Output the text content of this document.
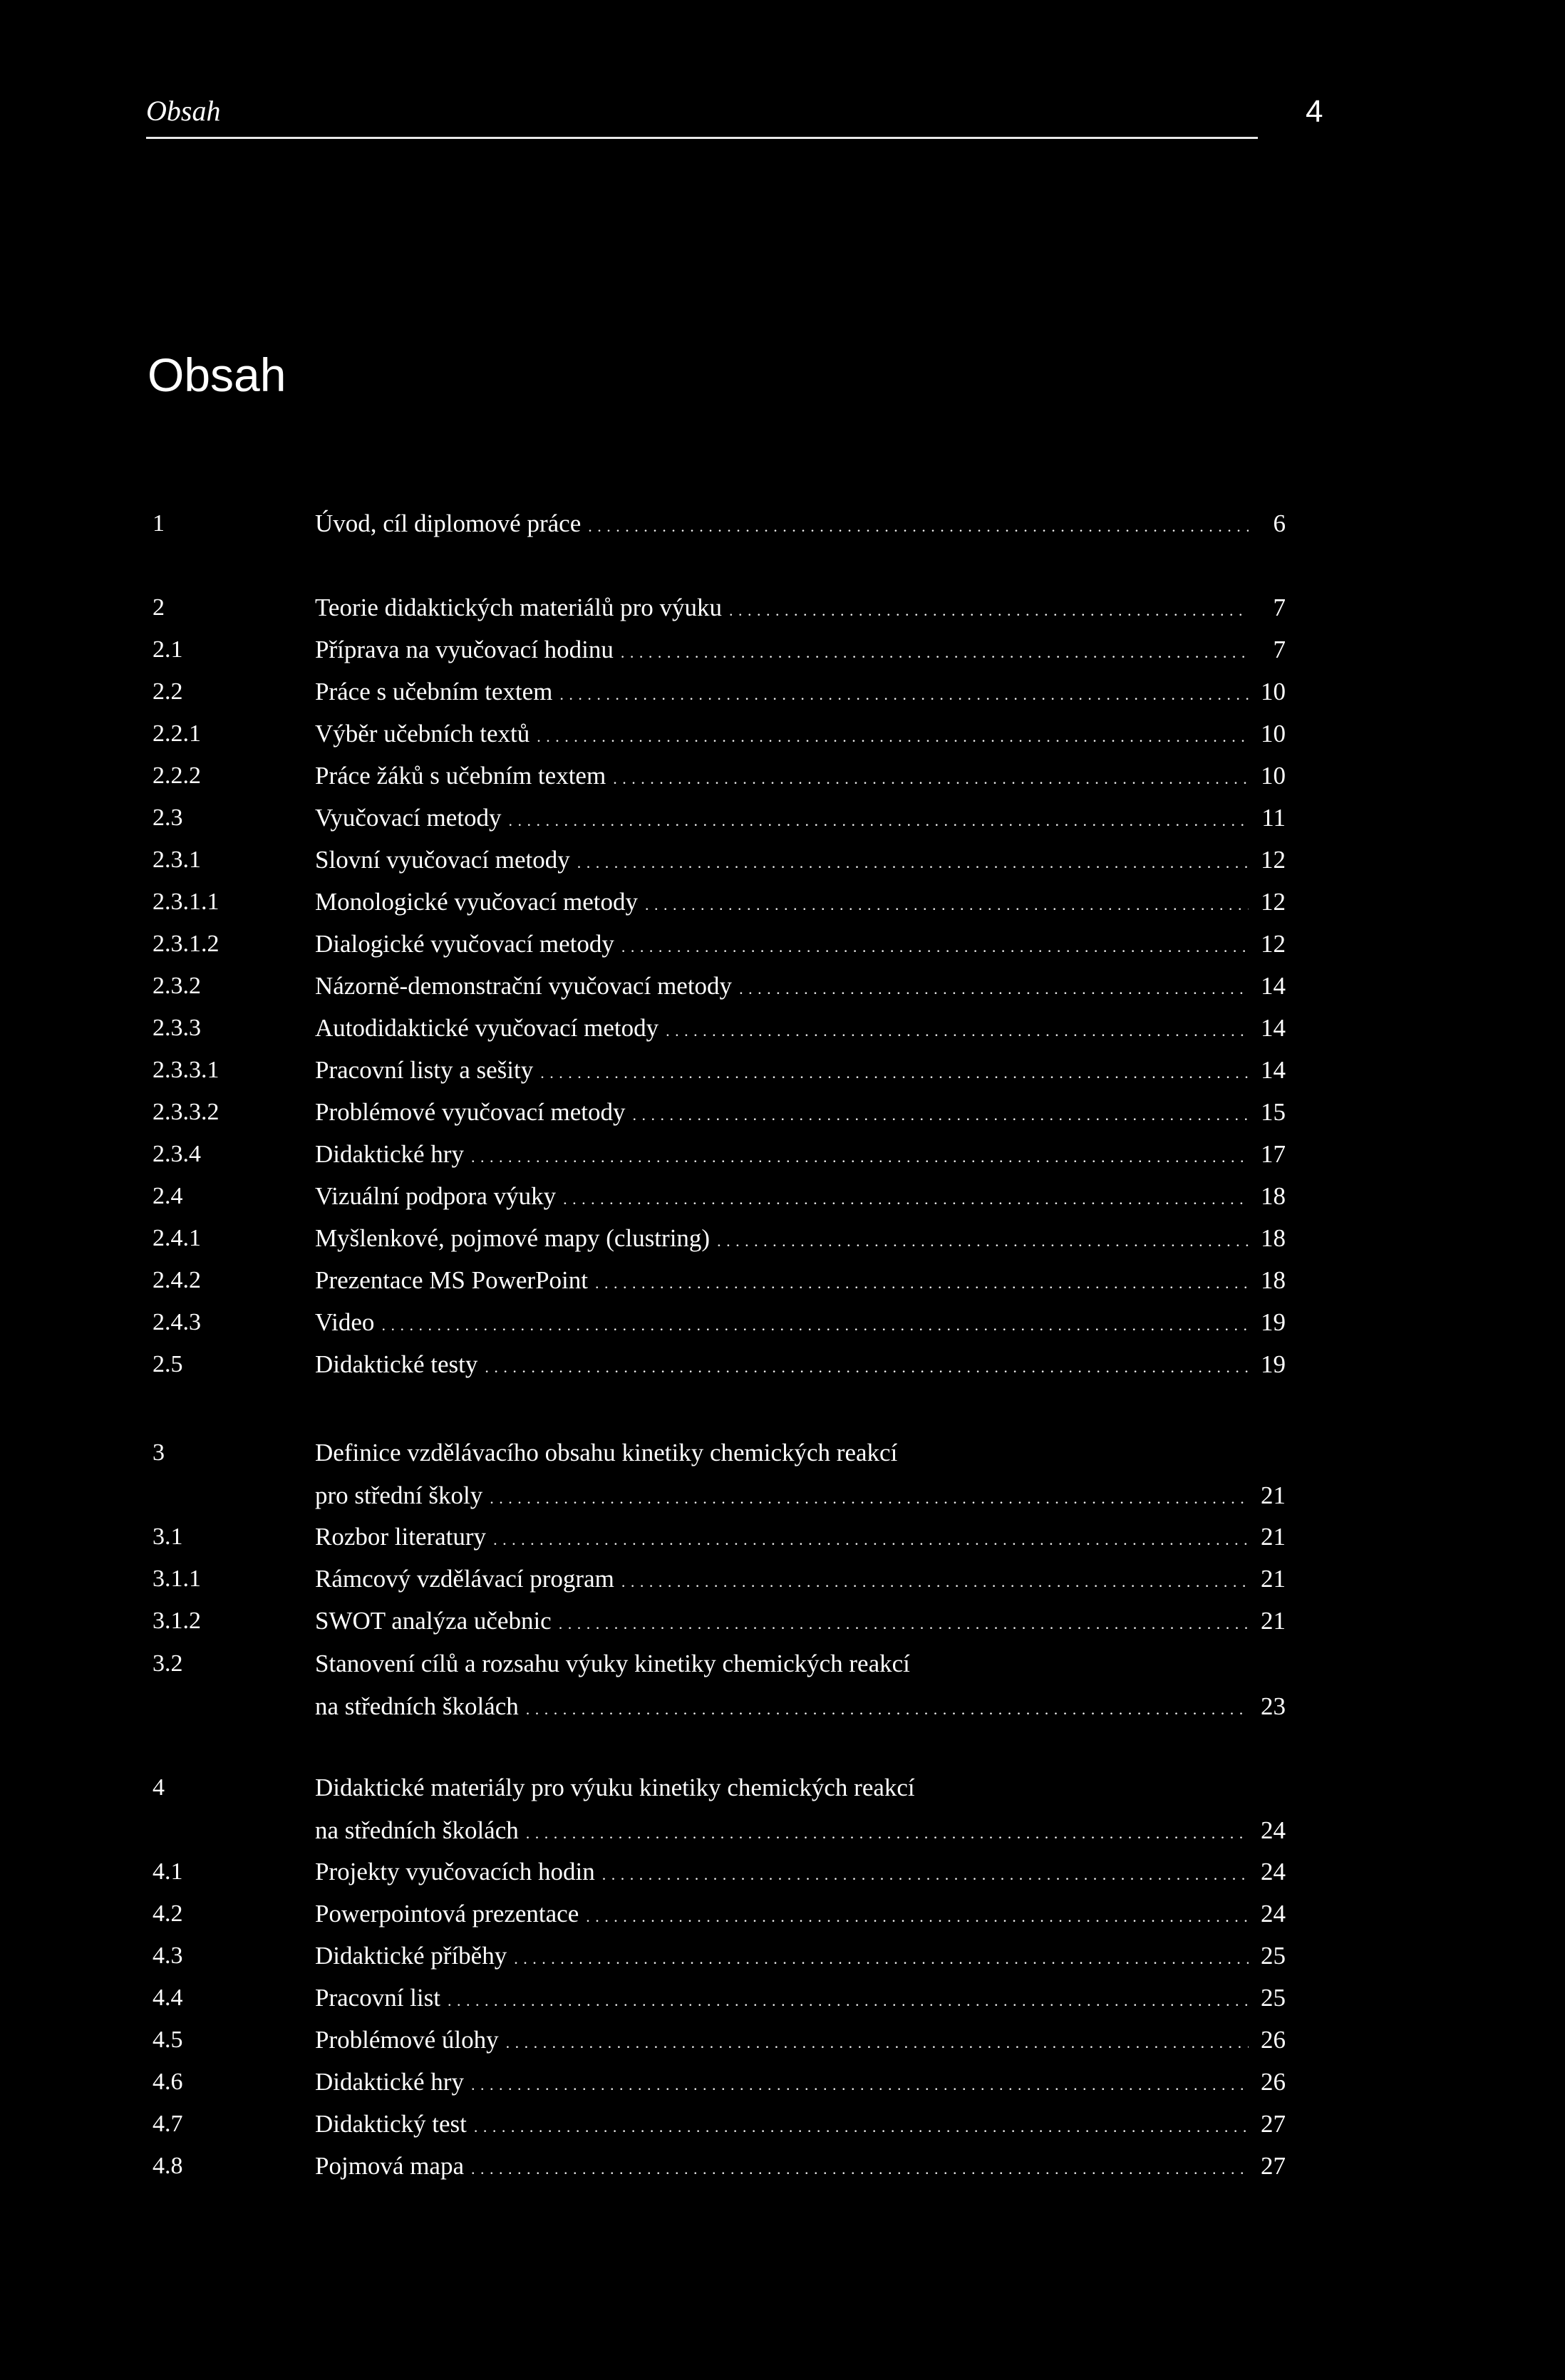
Obsah	4
Obsah
1	Úvod, cíl diplomové práce . . .	6
2	Teorie didaktických materiálů pro výuku . . .	7
2.1	Příprava na vyučovací hodinu . . .	7
2.2	Práce s učebním textem . . .	10
2.2.1	Výběr učebních textů . . .	10
2.2.2	Práce žáků s učebním textem . . .	10
2.3	Vyučovací metody . . .	11
2.3.1	Slovní vyučovací metody . . .	12
2.3.1.1	Monologické vyučovací metody . . .	12
2.3.1.2	Dialogické vyučovací metody . . .	12
2.3.2	Názorně-demonstrační vyučovací metody . . .	14
2.3.3	Autodidaktické vyučovací metody . . .	14
2.3.3.1	Pracovní listy a sešity . . .	14
2.3.3.2	Problémové vyučovací metody . . .	15
2.3.4	Didaktické hry . . .	17
2.4	Vizuální podpora výuky . . .	18
2.4.1	Myšlenkové, pojmové mapy (clustring) . . .	18
2.4.2	Prezentace MS PowerPoint . . .	18
2.4.3	Video . . .	19
2.5	Didaktické testy . . .	19
3	Definice vzdělávacího obsahu kinetiky chemických reakcí
pro střední školy . . .	21
3.1	Rozbor literatury . . .	21
3.1.1	Rámcový vzdělávací program . . .	21
3.1.2	SWOT analýza učebnic . . .	21
3.2	Stanovení cílů a rozsahu výuky kinetiky chemických reakcí
na středních školách . . .	23
4	Didaktické materiály pro výuku kinetiky chemických reakcí
na středních školách . . .	24
4.1	Projekty vyučovacích hodin . . .	24
4.2	Powerpointová prezentace . . .	24
4.3	Didaktické příběhy . . .	25
4.4	Pracovní list . . .	25
4.5	Problémové úlohy . . .	26
4.6	Didaktické hry . . .	26
4.7	Didaktický test . . .	27
4.8	Pojmová mapa . . .	27
